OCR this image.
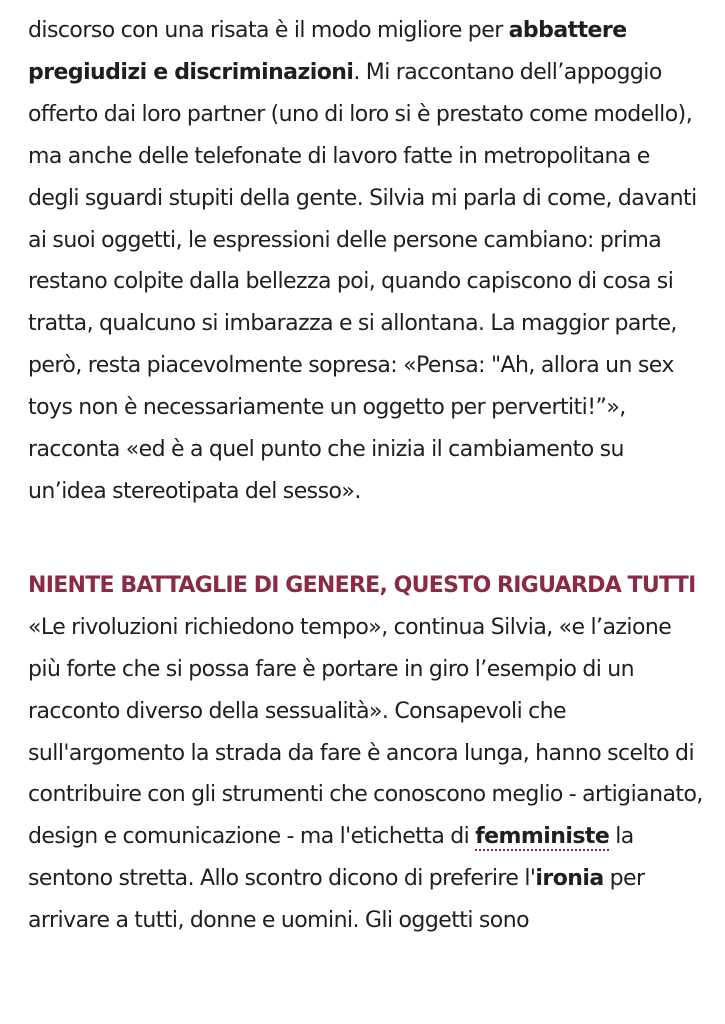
discorso con una risata è il modo migliore per abbattere pregiudizi e discriminazioni. Mi raccontano dell’appoggio offerto dai loro partner (uno di loro si è prestato come modello), ma anche delle telefonate di lavoro fatte in metropolitana e degli sguardi stupiti della gente. Silvia mi parla di come, davanti ai suoi oggetti, le espressioni delle persone cambiano: prima restano colpite dalla bellezza poi, quando capiscono di cosa si tratta, qualcuno si imbarazza e si allontana. La maggior parte, però, resta piacevolmente sopresa: «Pensa: "Ah, allora un sex toys non è necessariamente un oggetto per pervertiti!”», racconta «ed è a quel punto che inizia il cambiamento su un’idea stereotipata del sesso».

NIENTE BATTAGLIE DI GENERE, QUESTO RIGUARDA TUTTI

«Le rivoluzioni richiedono tempo», continua Silvia, «e l’azione più forte che si possa fare è portare in giro l’esempio di un racconto diverso della sessualità». Consapevoli che sull'argomento la strada da fare è ancora lunga, hanno scelto di contribuire con gli strumenti che conoscono meglio - artigianato, design e comunicazione - ma l'etichetta di femministe la sentono stretta. Allo scontro dicono di preferire l'ironia per arrivare a tutti, donne e uomini. Gli oggetti sono
